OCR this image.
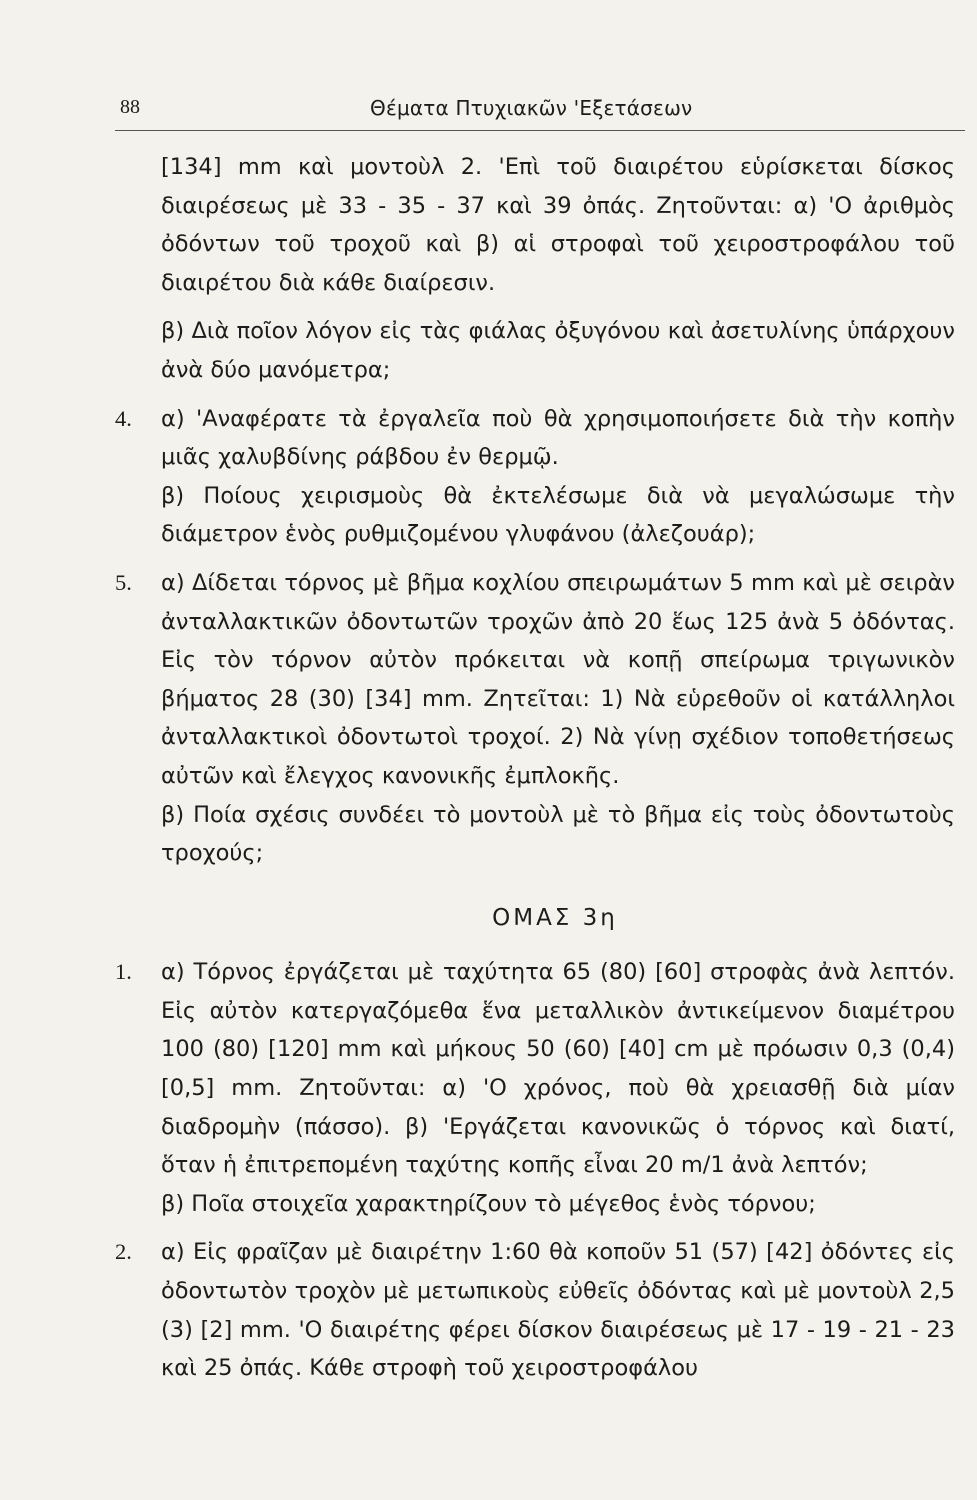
88	Θέματα Πτυχιακῶν 'Εξετάσεων

[134] mm καὶ μοντοὺλ 2. 'Επὶ τοῦ διαιρέτου εὑρίσκεται δίσκος διαιρέσεως μὲ 33 - 35 - 37 καὶ 39 ὀπάς. Ζητοῦνται: α) 'Ο ἀριθμὸς ὀδόντων τοῦ τροχοῦ καὶ β) αἱ στροφαὶ τοῦ χειροστροφάλου τοῦ διαιρέτου διὰ κάθε διαίρεσιν.

β) Διὰ ποῖον λόγον εἰς τὰς φιάλας ὀξυγόνου καὶ ἀσετυλίνης ὑπάρχουν ἀνὰ δύο μανόμετρα;

4.	α) 'Αναφέρατε τὰ ἐργαλεῖα ποὺ θὰ χρησιμοποιήσετε διὰ τὴν κοπὴν μιᾶς χαλυβδίνης ράβδου ἐν θερμῷ.

β) Ποίους χειρισμοὺς θὰ ἐκτελέσωμε διὰ νὰ μεγαλώσωμε τὴν διάμετρον ἑνὸς ρυθμιζομένου γλυφάνου (ἀλεζουάρ);

5.	α) Δίδεται τόρνος μὲ βῆμα κοχλίου σπειρωμάτων 5 mm καὶ μὲ σειρὰν ἀνταλλακτικῶν ὀδοντωτῶν τροχῶν ἀπὸ 20 ἕως 125 ἀνὰ 5 ὀδόντας. Εἰς τὸν τόρνον αὐτὸν πρόκειται νὰ κοπῇ σπείρωμα τριγωνικὸν βήματος 28 (30) [34] mm. Ζητεῖται: 1) Νὰ εὑρεθοῦν οἱ κατάλληλοι ἀνταλλακτικοὶ ὀδοντωτοὶ τροχοί. 2) Νὰ γίνῃ σχέδιον τοποθετήσεως αὐτῶν καὶ ἔλεγχος κανονικῆς ἐμπλοκῆς.

β) Ποία σχέσις συνδέει τὸ μοντοὺλ μὲ τὸ βῆμα εἰς τοὺς ὀδοντωτοὺς τροχούς;

ΟΜΑΣ 3η
1.	α) Τόρνος ἐργάζεται μὲ ταχύτητα 65 (80) [60] στροφὰς ἀνὰ λεπτόν. Εἰς αὐτὸν κατεργαζόμεθα ἕνα μεταλλικὸν ἀντικείμενον διαμέτρου 100 (80) [120] mm καὶ μήκους 50 (60) [40] cm μὲ πρόωσιν 0,3 (0,4) [0,5] mm. Ζητοῦνται: α) 'Ο χρόνος, ποὺ θὰ χρειασθῇ διὰ μίαν διαδρομὴν (πάσσο). β) 'Εργάζεται κανονικῶς ὁ τόρνος καὶ διατί, ὅταν ἡ ἐπιτρεπομένη ταχύτης κοπῆς εἶναι 20 m/1 ἀνὰ λεπτόν;

β) Ποῖα στοιχεῖα χαρακτηρίζουν τὸ μέγεθος ἑνὸς τόρνου;

2.	α) Εἰς φραῖζαν μὲ διαιρέτην 1:60 θὰ κοποῦν 51 (57) [42] ὀδόντες εἰς ὀδοντωτὸν τροχὸν μὲ μετωπικοὺς εὐθεῖς ὀδόντας καὶ μὲ μοντοὺλ 2,5 (3) [2] mm. 'Ο διαιρέτης φέρει δίσκον διαιρέσεως μὲ 17 - 19 - 21 - 23 καὶ 25 ὀπάς. Κάθε στροφὴ τοῦ χειροστροφάλου
